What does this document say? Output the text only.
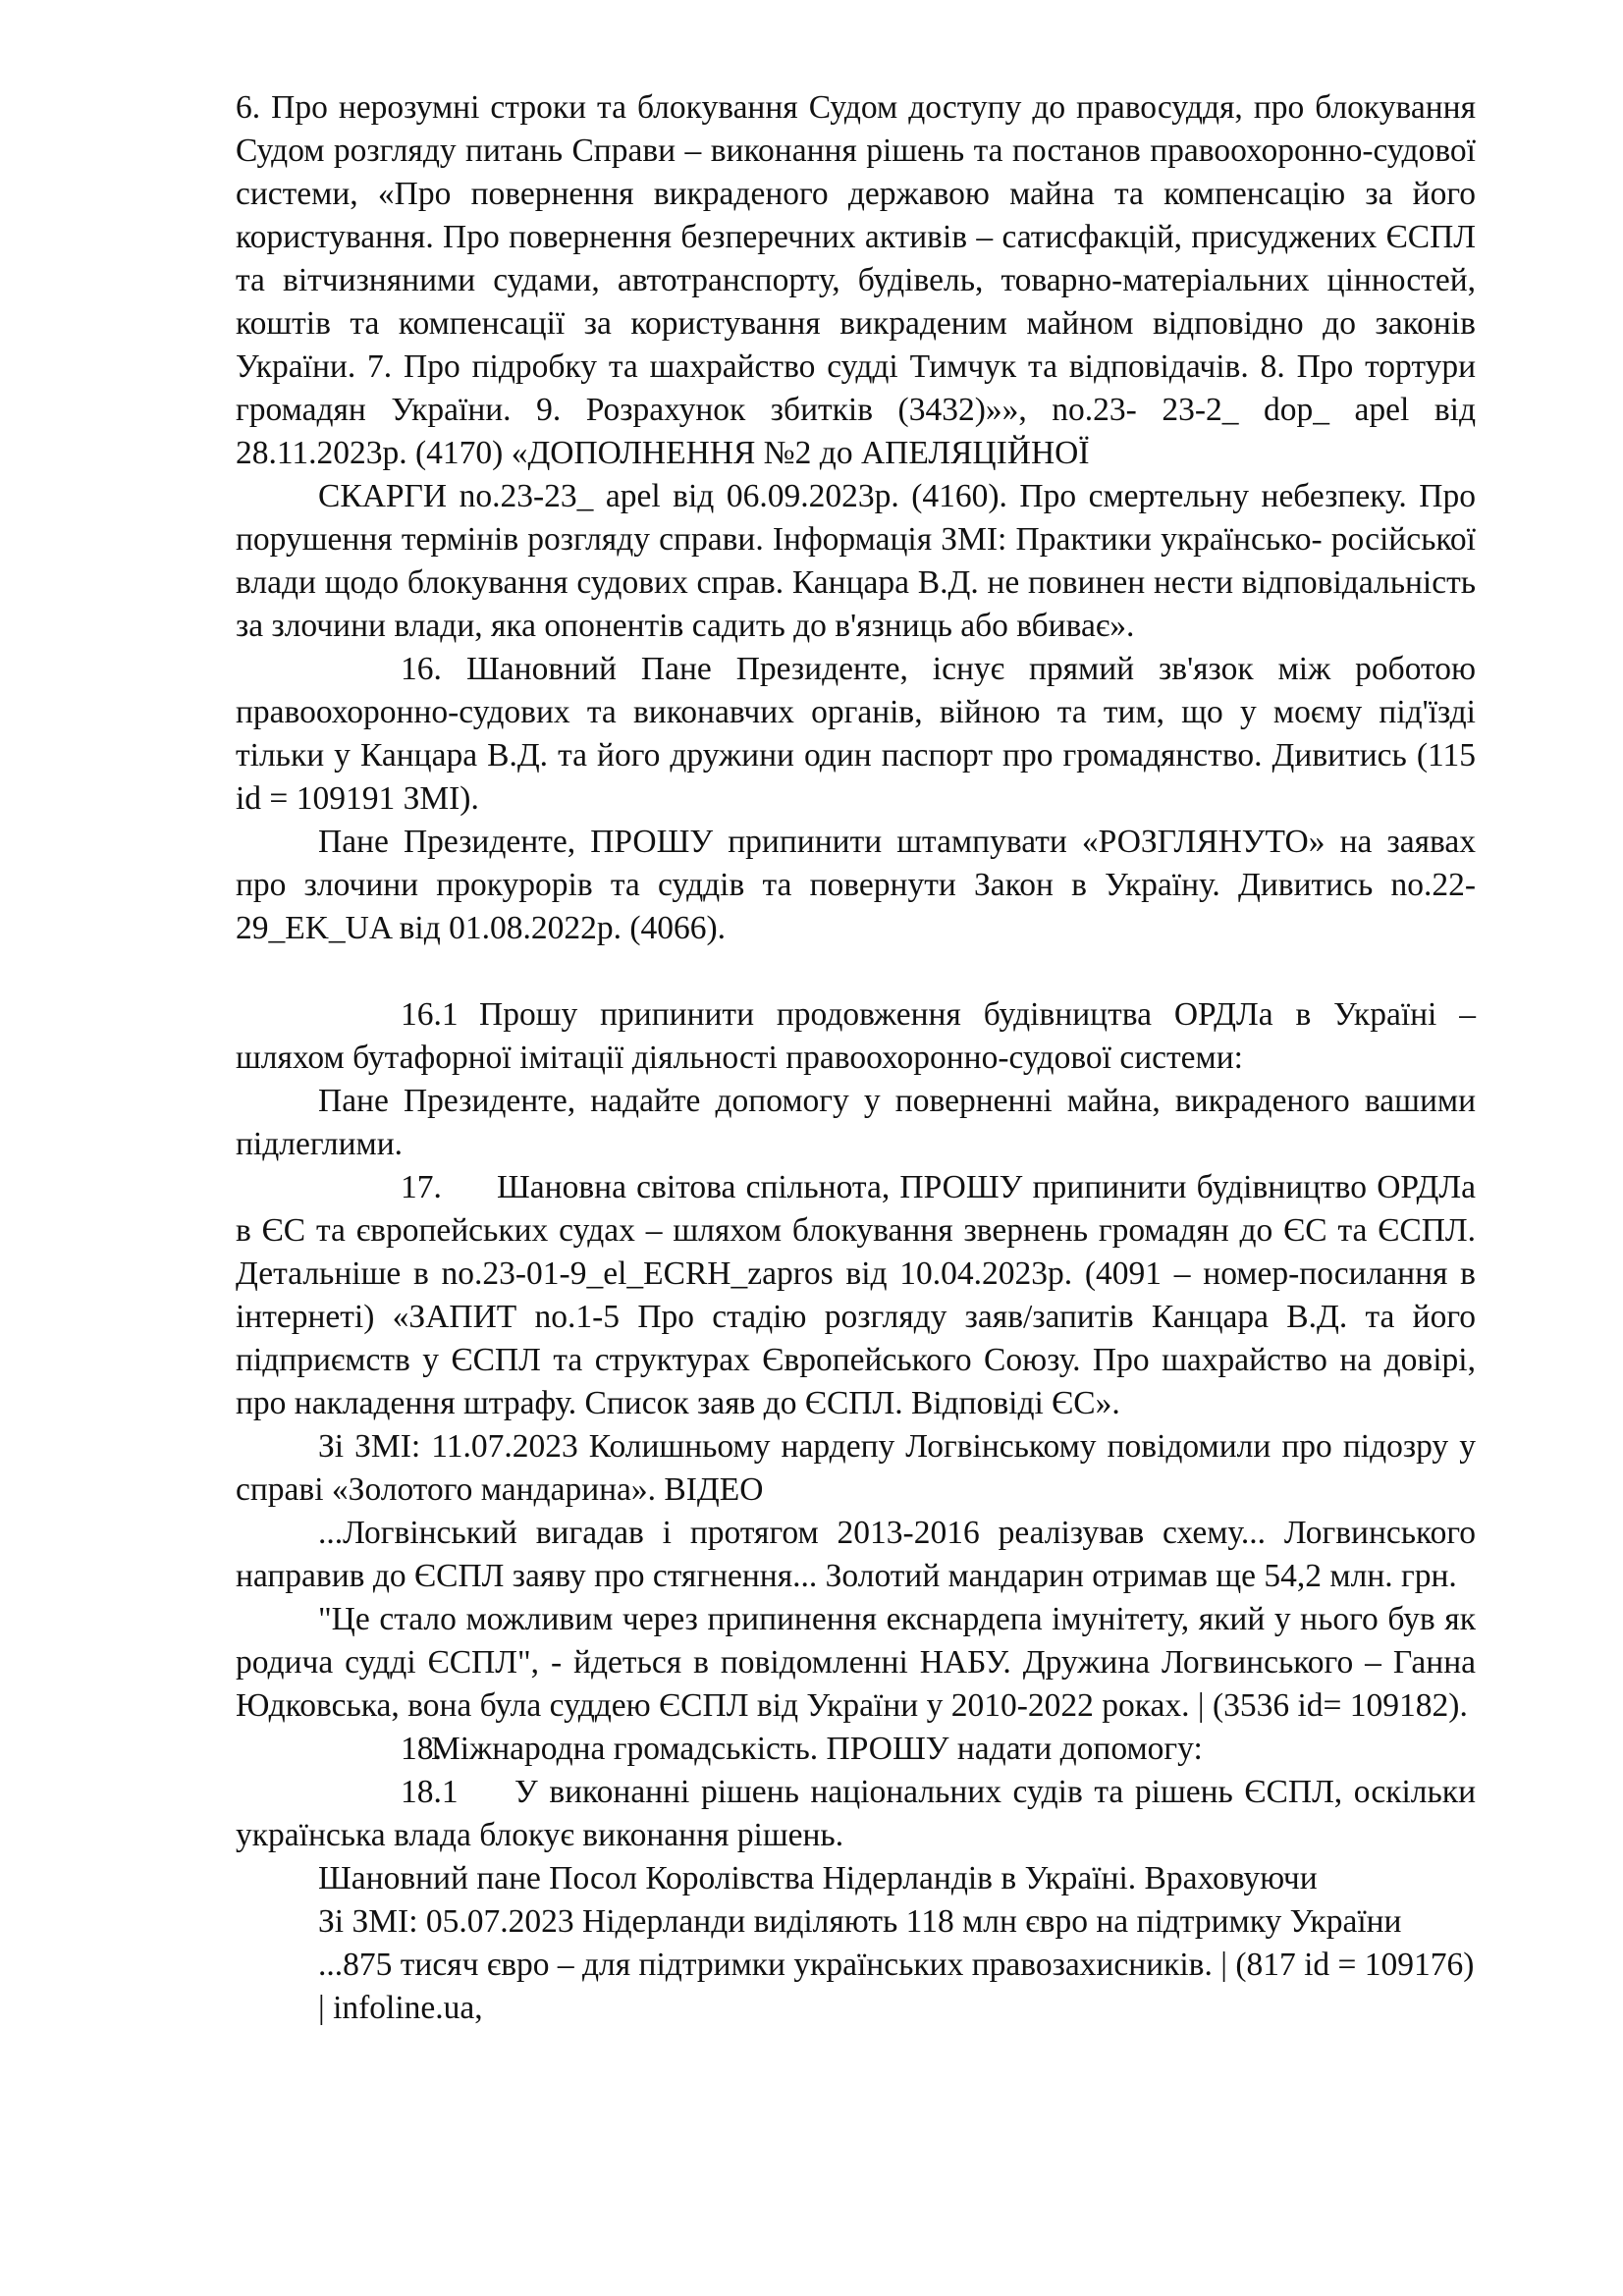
6. Про нерозумні строки та блокування Судом доступу до правосуддя, про блокування Судом розгляду питань Справи – виконання рішень та постанов правоохоронно-судової системи, «Про повернення викраденого державою майна та компенсацію за його користування. Про повернення безперечних активів – сатисфакцій, присуджених ЄСПЛ та вітчизняними судами, автотранспорту, будівель, товарно-матеріальних цінностей, коштів та компенсації за користування викраденим майном відповідно до законів України. 7. Про підробку та шахрайство судді Тимчук та відповідачів. 8. Про тортури громадян України. 9. Розрахунок збитків (3432)»», no.23- 23-2_ dop_ apel від 28.11.2023р. (4170) «ДОПОЛНЕННЯ №2 до АПЕЛЯЦІЙНОЇ

СКАРГИ no.23-23_ apel від 06.09.2023р. (4160). Про смертельну небезпеку. Про порушення термінів розгляду справи. Інформація ЗМІ: Практики українсько- російської влади щодо блокування судових справ. Канцара В.Д. не повинен нести відповідальність за злочини влади, яка опонентів садить до в'язниць або вбиває».

16. Шановний Пане Президенте, існує прямий зв'язок між роботою правоохоронно-судових та виконавчих органів, війною та тим, що у моєму під'їзді тільки у Канцара В.Д. та його дружини один паспорт про громадянство. Дивитись (115 id = 109191 ЗМІ).

Пане Президенте, ПРОШУ припинити штампувати «РОЗГЛЯНУТО» на заявах про злочини прокурорів та суддів та повернути Закон в Україну. Дивитись no.22- 29_EK_UA від 01.08.2022р. (4066).

16.1 Прошу припинити продовження будівництва ОРДЛа в Україні – шляхом бутафорної імітації діяльності правоохоронно-судової системи:

Пане Президенте, надайте допомогу у поверненні майна, викраденого вашими підлеглими.

17. Шановна світова спільнота, ПРОШУ припинити будівництво ОРДЛа в ЄС та європейських судах – шляхом блокування звернень громадян до ЄС та ЄСПЛ. Детальніше в no.23-01-9_el_ECRH_zapros від 10.04.2023р. (4091 – номер-посилання в інтернеті) «ЗАПИТ no.1-5 Про стадію розгляду заяв/запитів Канцара В.Д. та його підприємств у ЄСПЛ та структурах Європейського Союзу. Про шахрайство на довірі, про накладення штрафу. Список заяв до ЄСПЛ. Відповіді ЄС».

Зі ЗМІ: 11.07.2023 Колишньому нардепу Логвінському повідомили про підозру у справі «Золотого мандарина». ВІДЕО

...Логвінський вигадав і протягом 2013-2016 реалізував схему... Логвинського направив до ЄСПЛ заяву про стягнення... Золотий мандарин отримав ще 54,2 млн. грн.

"Це стало можливим через припинення екснардепа імунітету, який у нього був як родича судді ЄСПЛ", - йдеться в повідомленні НАБУ. Дружина Логвинського – Ганна Юдковська, вона була суддею ЄСПЛ від України у 2010-2022 роках. | (3536 id= 109182).

18.Міжнародна громадськість. ПРОШУ надати допомогу:

18.1 У виконанні рішень національних судів та рішень ЄСПЛ, оскільки українська влада блокує виконання рішень.

Шановний пане Посол Королівства Нідерландів в Україні. Враховуючи

Зі ЗМІ: 05.07.2023 Нідерланди виділяють 118 млн євро на підтримку України

...875 тисяч євро – для підтримки українських правозахисників. | (817 id = 109176)

| infoline.ua,
